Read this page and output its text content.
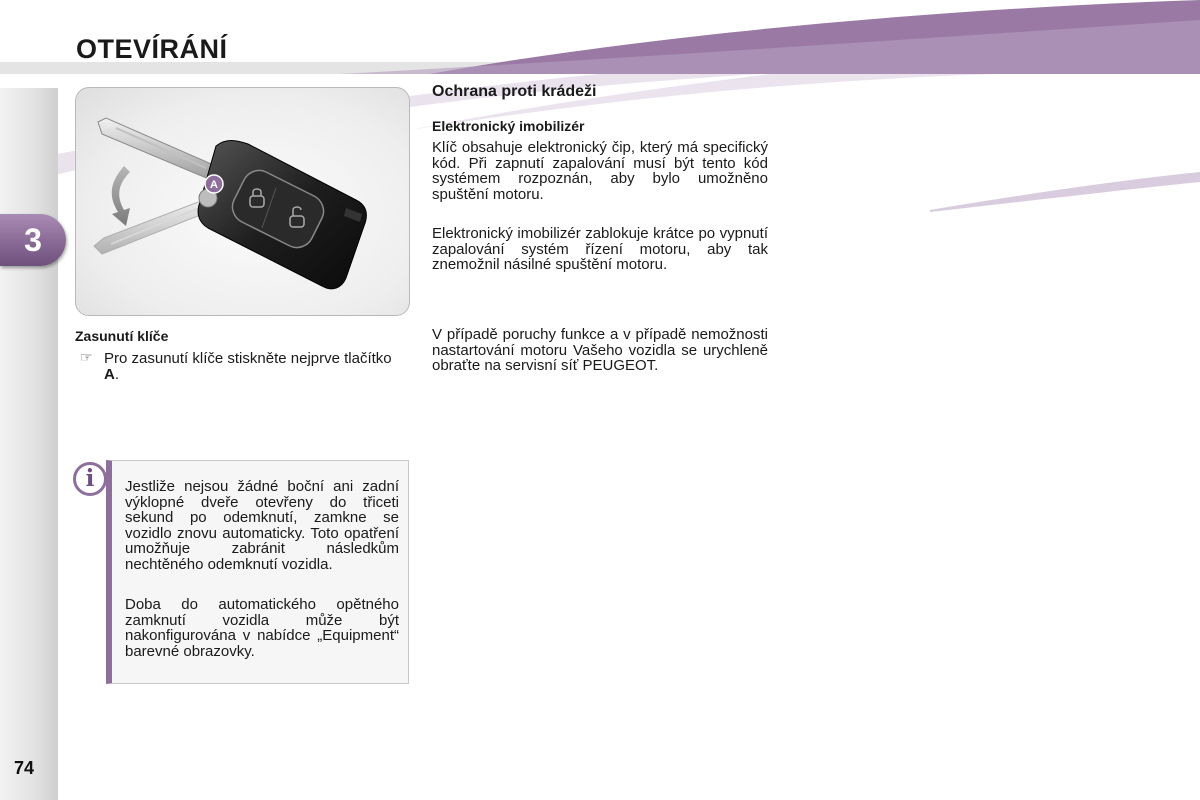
OTEVÍRÁNÍ
3
74
A
Zasunutí klíče
☞ Pro zasunutí klíče stiskněte nejprve tlačítko A.

i	Jestliže nejsou žádné boční ani zadní výklopné dveře otevřeny do třiceti sekund po odemknutí, zamkne se vozidlo znovu automaticky. Toto opatření umožňuje zabránit následkům nechtěného odemknutí vozidla.

Doba do automatického opětného zamknutí vozidla může být nakonfigurována v nabídce „Equipment“ barevné obrazovky.

Ochrana proti krádeži
Elektronický imobilizér

Klíč obsahuje elektronický čip, který má specifický kód. Při zapnutí zapalování musí být tento kód systémem rozpoznán, aby bylo umožněno spuštění motoru.

Elektronický imobilizér zablokuje krátce po vypnutí zapalování systém řízení motoru, aby tak znemožnil násilné spuštění motoru.

V případě poruchy funkce a v případě nemožnosti nastartování motoru Vašeho vozidla se urychleně obraťte na servisní síť PEUGEOT.
